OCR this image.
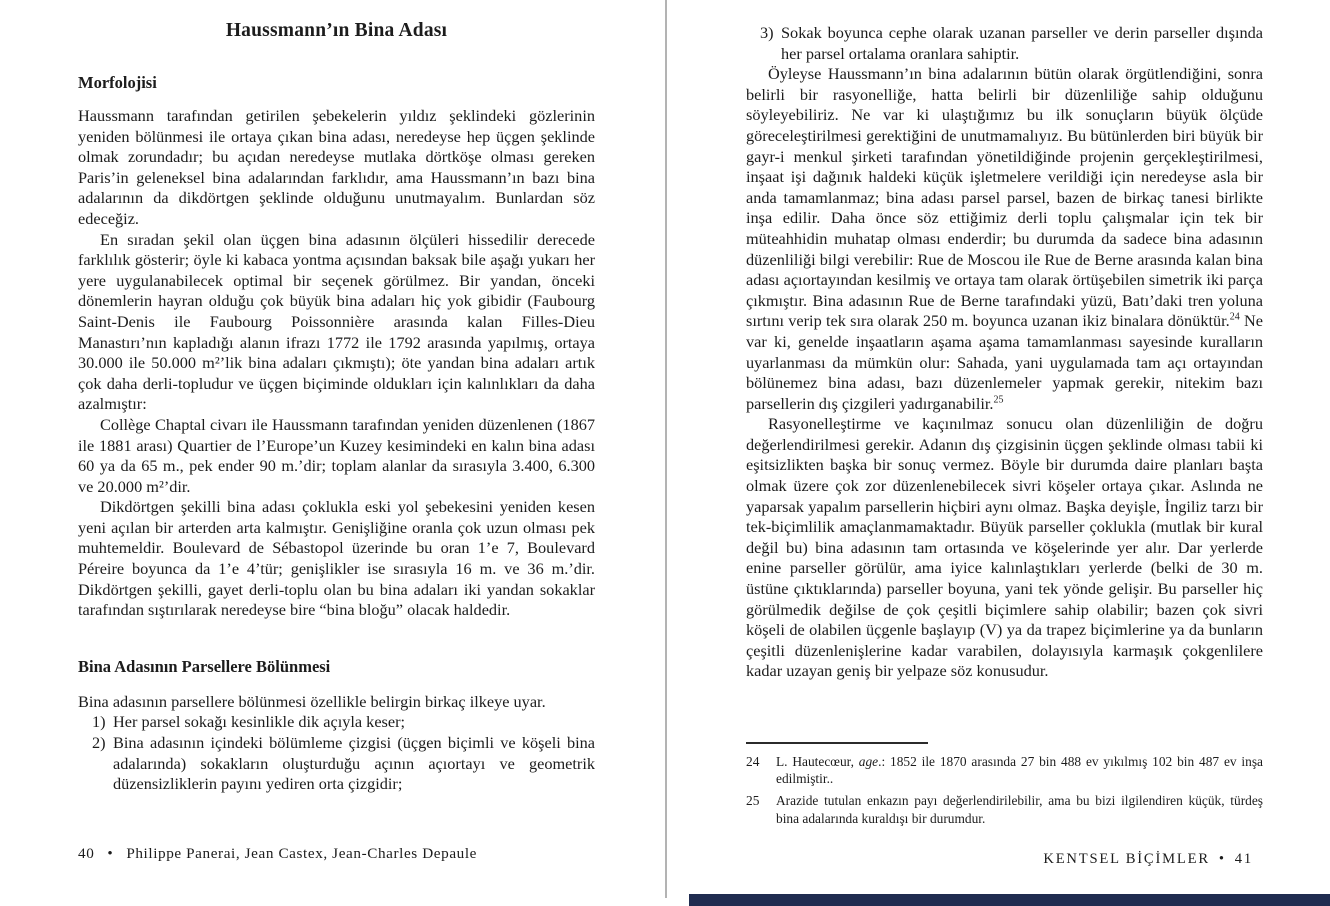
Haussmann’ın Bina Adası
Morfolojisi

Haussmann tarafından getirilen şebekelerin yıldız şeklindeki gözlerinin yeniden bölünmesi ile ortaya çıkan bina adası, neredeyse hep üçgen şeklinde olmak zorundadır; bu açıdan neredeyse mutlaka dörtköşe olması gereken Paris’in geleneksel bina adalarından farklıdır, ama Haussmann’ın bazı bina adalarının da dikdörtgen şeklinde olduğunu unutmayalım. Bunlardan söz edeceğiz.

En sıradan şekil olan üçgen bina adasının ölçüleri hissedilir derecede farklılık gösterir; öyle ki kabaca yontma açısından baksak bile aşağı yukarı her yere uygulanabilecek optimal bir seçenek görülmez. Bir yandan, önceki dönemlerin hayran olduğu çok büyük bina adaları hiç yok gibidir (Faubourg Saint-Denis ile Faubourg Poissonnière arasında kalan Filles-Dieu Manastırı’nın kapladığı alanın ifrazı 1772 ile 1792 arasında yapılmış, ortaya 30.000 ile 50.000 m²’lik bina adaları çıkmıştı); öte yandan bina adaları artık çok daha derli-topludur ve üçgen biçiminde oldukları için kalınlıkları da daha azalmıştır:

Collège Chaptal civarı ile Haussmann tarafından yeniden düzenlenen (1867 ile 1881 arası) Quartier de l’Europe’un Kuzey kesimindeki en kalın bina adası 60 ya da 65 m., pek ender 90 m.’dir; toplam alanlar da sırasıyla 3.400, 6.300 ve 20.000 m²’dir.

Dikdörtgen şekilli bina adası çoklukla eski yol şebekesini yeniden kesen yeni açılan bir arterden arta kalmıştır. Genişliğine oranla çok uzun olması pek muhtemeldir. Boulevard de Sébastopol üzerinde bu oran 1’e 7, Boulevard Péreire boyunca da 1’e 4’tür; genişlikler ise sırasıyla 16 m. ve 36 m.’dir. Dikdörtgen şekilli, gayet derli-toplu olan bu bina adaları iki yandan sokaklar tarafından sıştırılarak neredeyse bire “bina bloğu” olacak haldedir.

Bina Adasının Parsellere Bölünmesi

Bina adasının parsellere bölünmesi özellikle belirgin birkaç ilkeye uyar.

1) Her parsel sokağı kesinlikle dik açıyla keser;
2) Bina adasının içindeki bölümleme çizgisi (üçgen biçimli ve köşeli bina adalarında) sokakların oluşturduğu açının açıortayı ve geometrik düzensizliklerin payını yediren orta çizgidir;
3) Sokak boyunca cephe olarak uzanan parseller ve derin parseller dışında her parsel ortalama oranlara sahiptir.

Öyleyse Haussmann’ın bina adalarının bütün olarak örgütlendiğini, sonra belirli bir rasyonelliğe, hatta belirli bir düzenliliğe sahip olduğunu söyleyebiliriz. Ne var ki ulaştığımız bu ilk sonuçların büyük ölçüde göreceleştirilmesi gerektiğini de unutmamalıyız. Bu bütünlerden biri büyük bir gayr-i menkul şirketi tarafından yönetildiğinde projenin gerçekleştirilmesi, inşaat işi dağınık haldeki küçük işletmelere verildiği için neredeyse asla bir anda tamamlanmaz; bina adası parsel parsel, bazen de birkaç tanesi birlikte inşa edilir. Daha önce söz ettiğimiz derli toplu çalışmalar için tek bir müteahhidin muhatap olması enderdir; bu durumda da sadece bina adasının düzenliliği bilgi verebilir: Rue de Moscou ile Rue de Berne arasında kalan bina adası açıortayından kesilmiş ve ortaya tam olarak örtüşebilen simetrik iki parça çıkmıştır. Bina adasının Rue de Berne tarafındaki yüzü, Batı’daki tren yoluna sırtını verip tek sıra olarak 250 m. boyunca uzanan ikiz binalara dönüktür.$^{24}$ Ne var ki, genelde inşaatların aşama aşama tamamlanması sayesinde kuralların uyarlanması da mümkün olur: Sahada, yani uygulamada tam açı ortayından bölünemez bina adası, bazı düzenlemeler yapmak gerekir, nitekim bazı parsellerin dış çizgileri yadırganabilir.$^{25}$

Rasyonelleştirme ve kaçınılmaz sonucu olan düzenliliğin de doğru değerlendirilmesi gerekir. Adanın dış çizgisinin üçgen şeklinde olması tabii ki eşitsizlikten başka bir sonuç vermez. Böyle bir durumda daire planları başta olmak üzere çok zor düzenlenebilecek sivri köşeler ortaya çıkar. Aslında ne yaparsak yapalım parsellerin hiçbiri aynı olmaz. Başka deyişle, İngiliz tarzı bir tek-biçimlilik amaçlanmamaktadır. Büyük parseller çoklukla (mutlak bir kural değil bu) bina adasının tam ortasında ve köşelerinde yer alır. Dar yerlerde enine parseller görülür, ama iyice kalınlaştıkları yerlerde (belki de 30 m. üstüne çıktıklarında) parseller boyuna, yani tek yönde gelişir. Bu parseller hiç görülmedik değilse de çok çeşitli biçimlere sahip olabilir; bazen çok sivri köşeli de olabilen üçgenle başlayıp (V) ya da trapez biçimlerine ya da bunların çeşitli düzenlenişlerine kadar varabilen, dolayısıyla karmaşık çokgenlilere kadar uzayan geniş bir yelpaze söz konusudur.

24 L. Hautecœur, age.: 1852 ile 1870 arasında 27 bin 488 ev yıkılmış 102 bin 487 ev inşa edilmiştir..
25 Arazide tutulan enkazın payı değerlendirilebilir, ama bu bizi ilgilendiren küçük, türdeş bina adalarında kuraldışı bir durumdur.
40 • Philippe Panerai, Jean Castex, Jean-Charles Depaule	KENTSEL BİÇİMLER • 41
